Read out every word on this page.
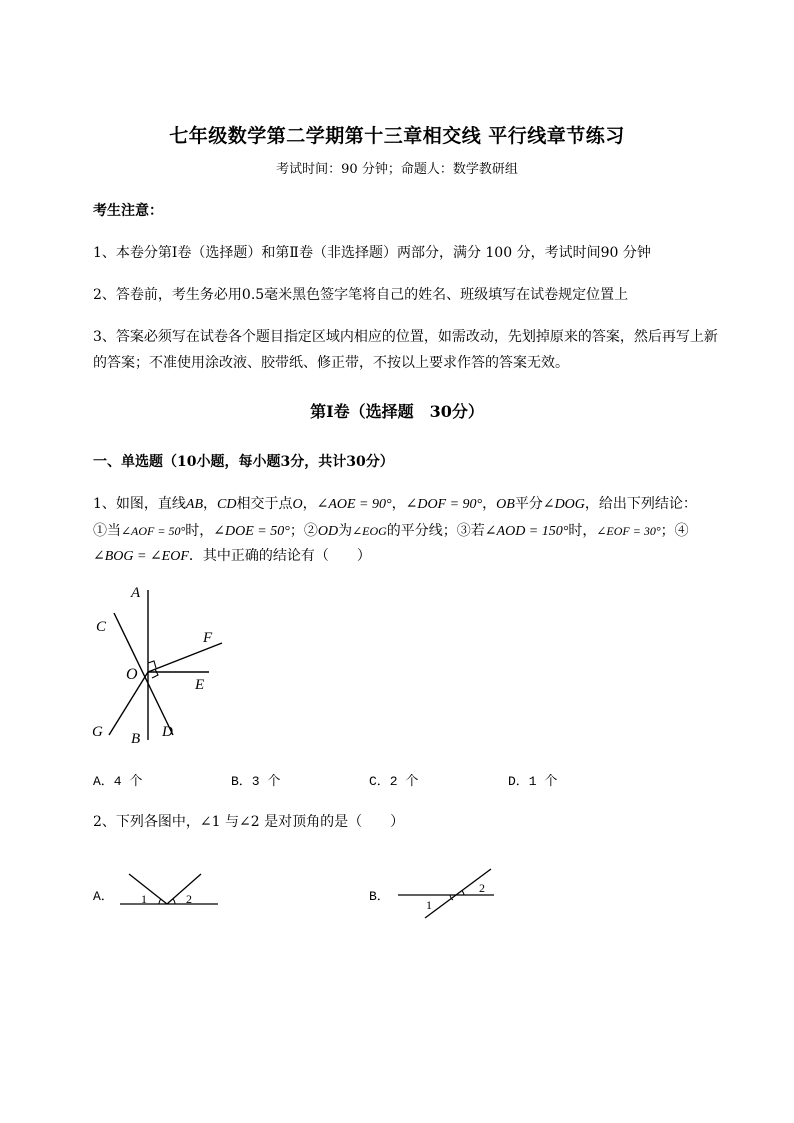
七年级数学第二学期第十三章相交线 平行线章节练习
考试时间：90 分钟；命题人：数学教研组
考生注意：
1、本卷分第Ⅰ卷（选择题）和第Ⅱ卷（非选择题）两部分，满分 100 分，考试时间90 分钟
2、答卷前，考生务必用0.5毫米黑色签字笔将自己的姓名、班级填写在试卷规定位置上
3、答案必须写在试卷各个题目指定区域内相应的位置，如需改动，先划掉原来的答案，然后再写上新
的答案；不准使用涂改液、胶带纸、修正带，不按以上要求作答的答案无效。
第Ⅰ卷（选择题　30分）
一、单选题（10小题，每小题3分，共计30分）
1、如图，直线AB，CD相交于点O，∠AOE = 90°，∠DOF = 90°，OB平分∠DOG，给出下列结论：
①当∠AOF = 50°时，∠DOE = 50°；②OD为∠EOG的平分线；③若∠AOD = 150°时，∠EOF = 30°；④
∠BOG = ∠EOF．其中正确的结论有（　　）
A
C
F
O
E
G B D
A．4 个	B．3 个	C．2 个	D．1 个
2、下列各图中，∠1 与∠2 是对顶角的是（　　）
A． 1	2	B．
1
2
